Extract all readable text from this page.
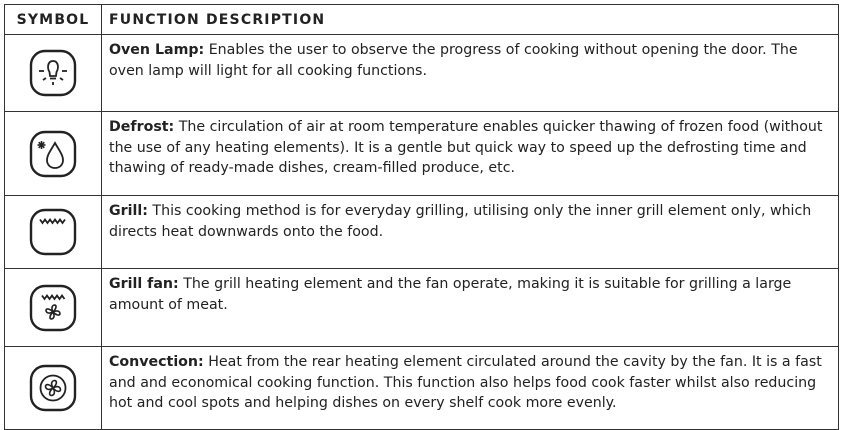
SYMBOL	FUNCTION DESCRIPTION

	Oven Lamp: Enables the user to observe the progress of cooking without opening the door. The oven lamp will light for all cooking functions.

	Defrost: The circulation of air at room temperature enables quicker thawing of frozen food (without the use of any heating elements). It is a gentle but quick way to speed up the defrosting time and thawing of ready-made dishes, cream-filled produce, etc.

	Grill: This cooking method is for everyday grilling, utilising only the inner grill element only, which directs heat downwards onto the food.

	Grill fan: The grill heating element and the fan operate, making it is suitable for grilling a large amount of meat.

	Convection: Heat from the rear heating element circulated around the cavity by the fan. It is a fast and and economical cooking function. This function also helps food cook faster whilst also reducing hot and cool spots and helping dishes on every shelf cook more evenly.
